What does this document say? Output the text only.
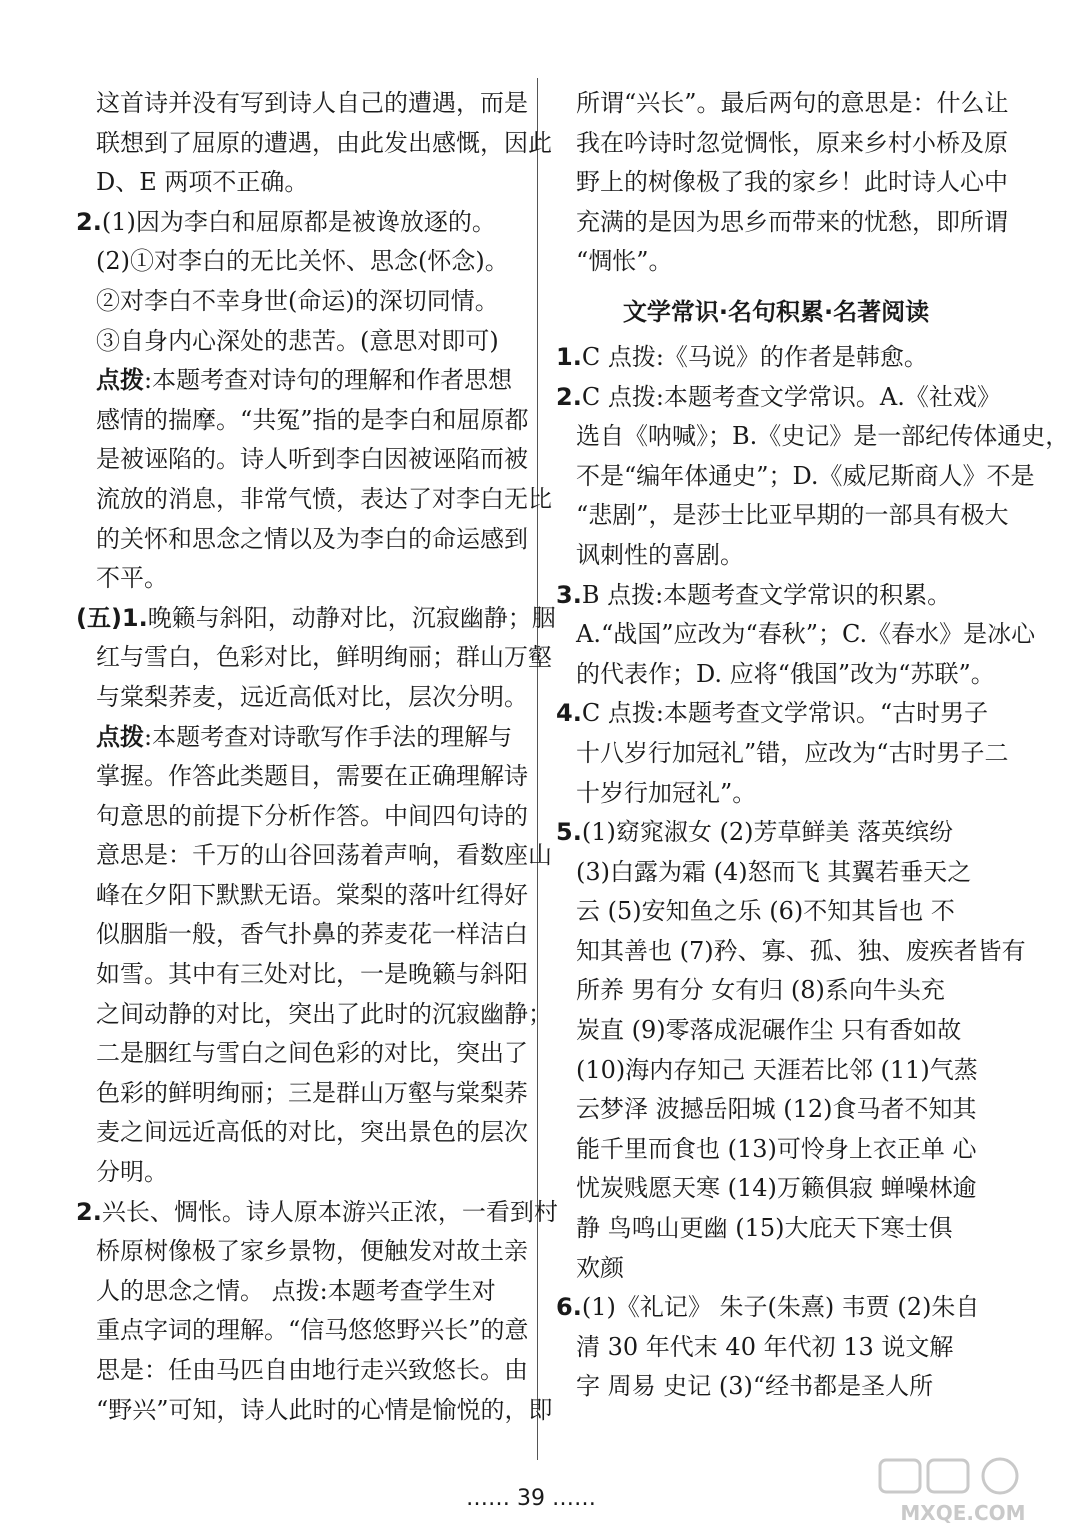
这首诗并没有写到诗人自己的遭遇，而是
联想到了屈原的遭遇，由此发出感慨，因此
D、E 两项不正确。
2.(1)因为李白和屈原都是被谗放逐的。
(2)①对李白的无比关怀、思念(怀念)。
②对李白不幸身世(命运)的深切同情。
③自身内心深处的悲苦。(意思对即可)
点拨:本题考查对诗句的理解和作者思想
感情的揣摩。“共冤”指的是李白和屈原都
是被诬陷的。诗人听到李白因被诬陷而被
流放的消息，非常气愤，表达了对李白无比
的关怀和思念之情以及为李白的命运感到
不平。
(五)1.晚籁与斜阳，动静对比，沉寂幽静；胭
红与雪白，色彩对比，鲜明绚丽；群山万壑
与棠梨荞麦，远近高低对比，层次分明。
点拨:本题考查对诗歌写作手法的理解与
掌握。作答此类题目，需要在正确理解诗
句意思的前提下分析作答。中间四句诗的
意思是：千万的山谷回荡着声响，看数座山
峰在夕阳下默默无语。棠梨的落叶红得好
似胭脂一般，香气扑鼻的荞麦花一样洁白
如雪。其中有三处对比，一是晚籁与斜阳
之间动静的对比，突出了此时的沉寂幽静；
二是胭红与雪白之间色彩的对比，突出了
色彩的鲜明绚丽；三是群山万壑与棠梨荞
麦之间远近高低的对比，突出景色的层次
分明。
2.兴长、惆怅。诗人原本游兴正浓，一看到村
桥原树像极了家乡景物，便触发对故土亲
人的思念之情。 点拨:本题考查学生对
重点字词的理解。“信马悠悠野兴长”的意
思是：任由马匹自由地行走兴致悠长。由
“野兴”可知，诗人此时的心情是愉悦的，即
所谓“兴长”。最后两句的意思是：什么让
我在吟诗时忽觉惆怅，原来乡村小桥及原
野上的树像极了我的家乡！此时诗人心中
充满的是因为思乡而带来的忧愁，即所谓
“惆怅”。
文学常识·名句积累·名著阅读
1.C 点拨:《马说》的作者是韩愈。
2.C 点拨:本题考查文学常识。A.《社戏》
选自《呐喊》；B.《史记》是一部纪传体通史，
不是“编年体通史”；D.《威尼斯商人》不是
“悲剧”，是莎士比亚早期的一部具有极大
讽刺性的喜剧。
3.B 点拨:本题考查文学常识的积累。
A.“战国”应改为“春秋”；C.《春水》是冰心
的代表作；D. 应将“俄国”改为“苏联”。
4.C 点拨:本题考查文学常识。“古时男子
十八岁行加冠礼”错，应改为“古时男子二
十岁行加冠礼”。
5.(1)窈窕淑女 (2)芳草鲜美 落英缤纷
(3)白露为霜 (4)怒而飞 其翼若垂天之
云 (5)安知鱼之乐 (6)不知其旨也 不
知其善也 (7)矜、寡、孤、独、废疾者皆有
所养 男有分 女有归 (8)系向牛头充
炭直 (9)零落成泥碾作尘 只有香如故
(10)海内存知己 天涯若比邻 (11)气蒸
云梦泽 波撼岳阳城 (12)食马者不知其
能千里而食也 (13)可怜身上衣正单 心
忧炭贱愿天寒 (14)万籁俱寂 蝉噪林逾
静 鸟鸣山更幽 (15)大庇天下寒士俱
欢颜
6.(1)《礼记》 朱子(朱熹) 韦贾 (2)朱自
清 30 年代末 40 年代初 13 说文解
字 周易 史记 (3)“经书都是圣人所
…… 39 ……
MXQE.COM
